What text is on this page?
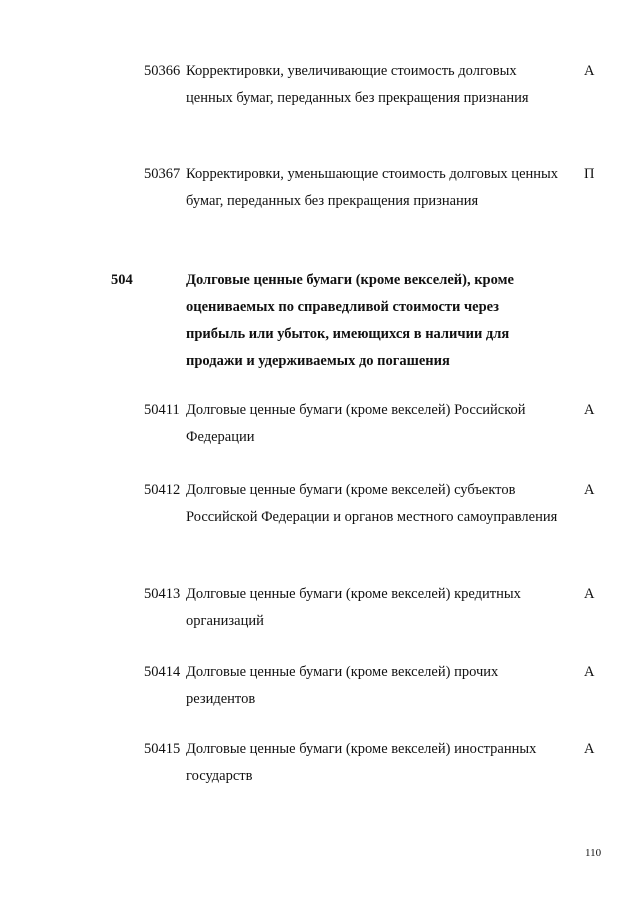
50366 Корректировки, увеличивающие стоимость долговых ценных бумаг, переданных без прекращения признания
А
50367 Корректировки, уменьшающие стоимость долговых ценных бумаг, переданных без прекращения признания
П
504	Долговые ценные бумаги (кроме векселей), кроме оцениваемых по справедливой стоимости через прибыль или убыток, имеющихся в наличии для продажи и удерживаемых до погашения
50411 Долговые ценные бумаги (кроме векселей) Российской Федерации
А
50412 Долговые ценные бумаги (кроме векселей) субъектов Российской Федерации и органов местного самоуправления
А
50413 Долговые ценные бумаги (кроме векселей) кредитных организаций
А
50414 Долговые ценные бумаги (кроме векселей) прочих резидентов
А
50415 Долговые ценные бумаги (кроме векселей) иностранных государств
А
110
